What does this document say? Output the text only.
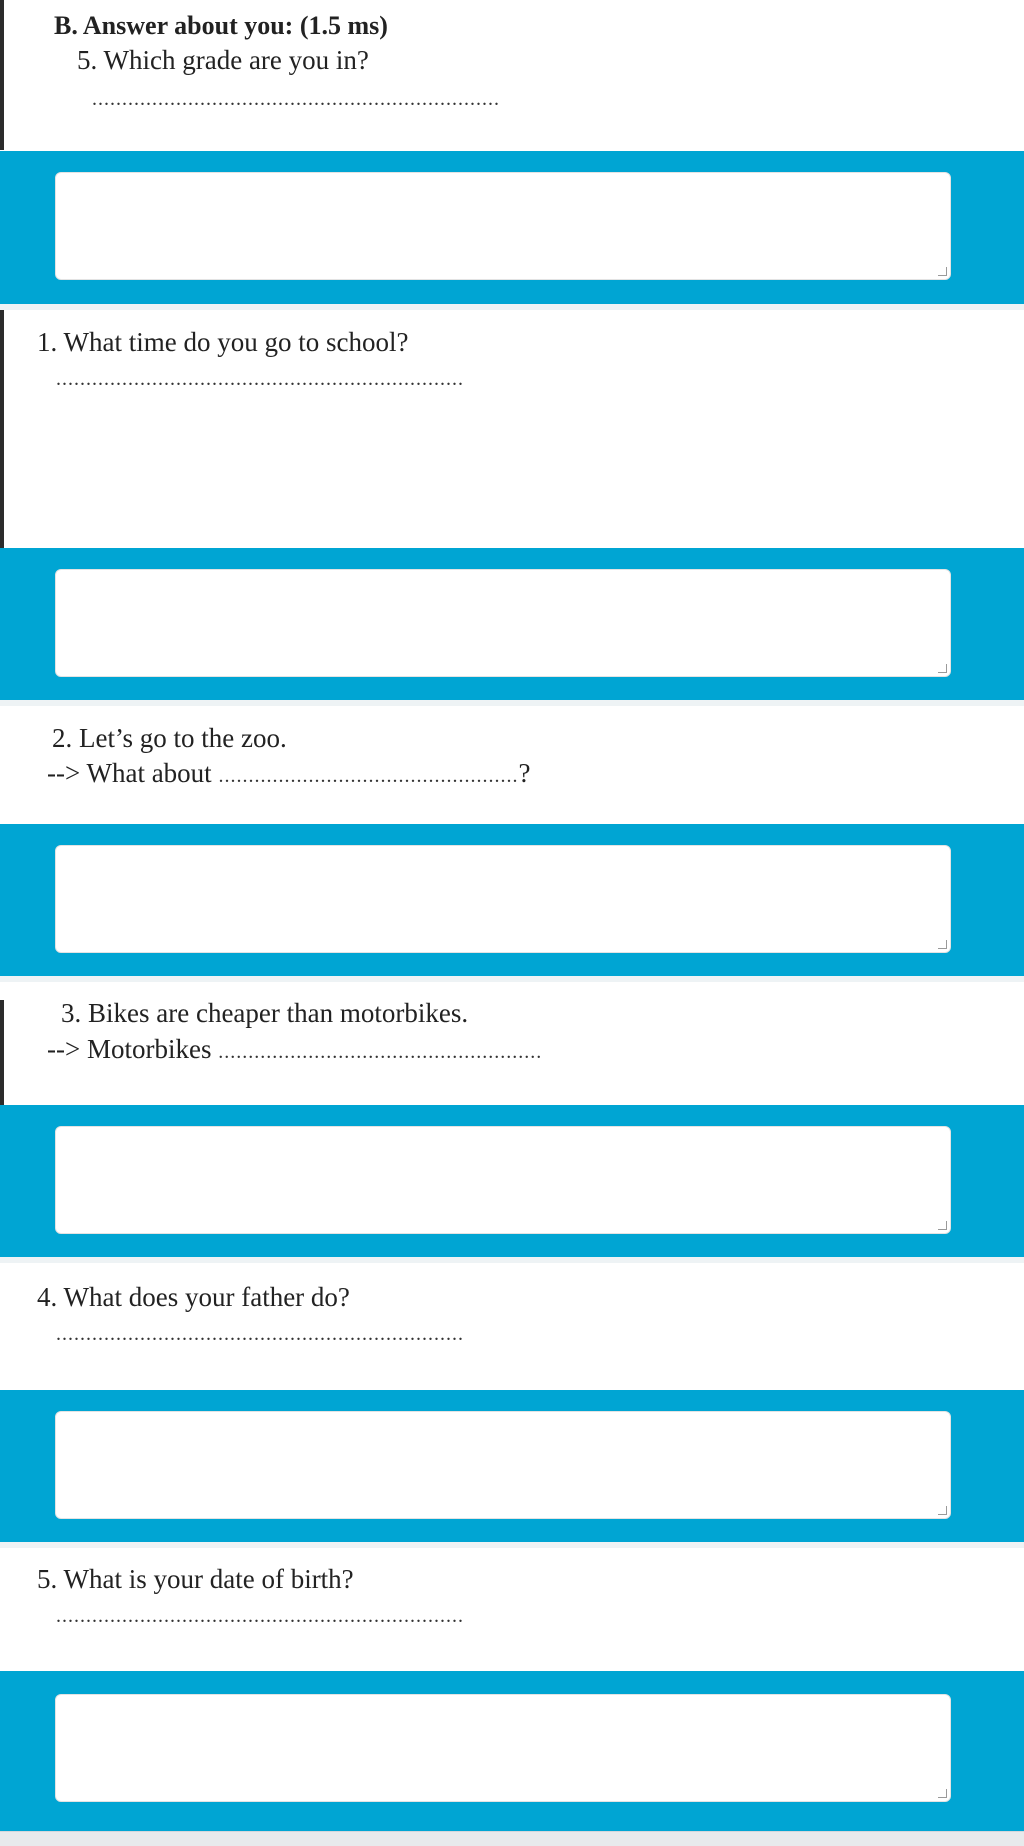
B. Answer about you: (1.5 ms)
5. Which grade are you in?
....................................................................
1. What time do you go to school?
....................................................................
2. Let’s go to the zoo.
--> What about ..................................................?
3. Bikes are cheaper than motorbikes.
--> Motorbikes ......................................................
4. What does your father do?
....................................................................
5. What is your date of birth?
....................................................................
